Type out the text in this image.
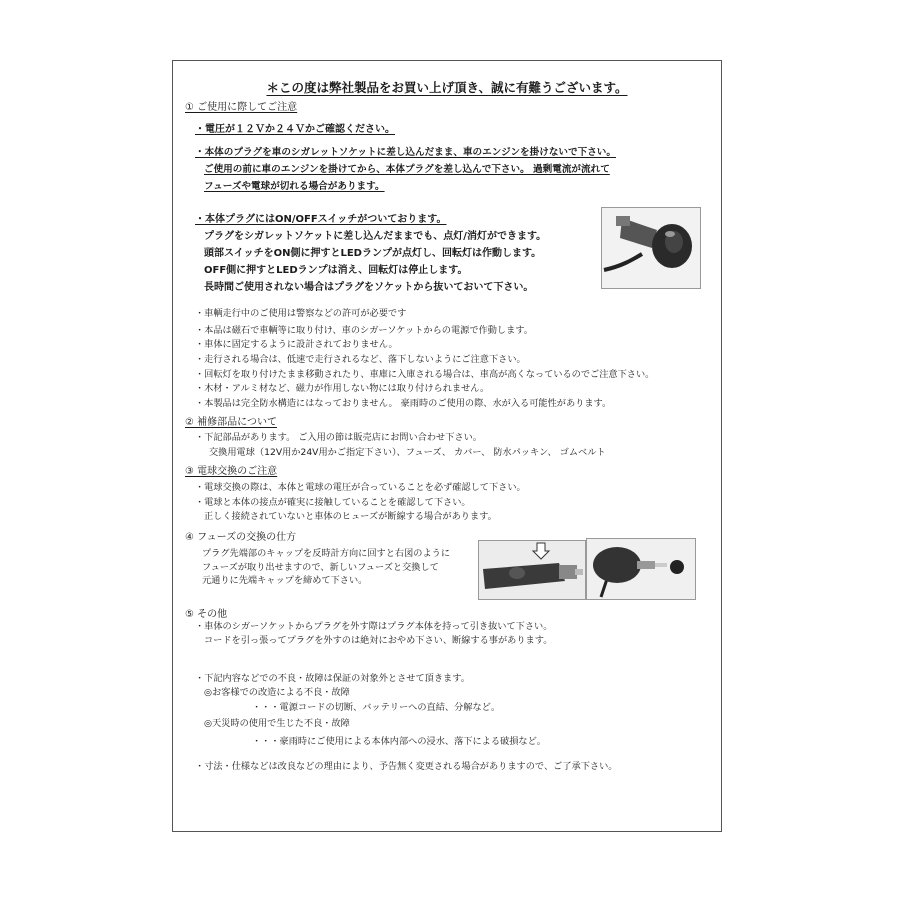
＊この度は弊社製品をお買い上げ頂き、誠に有難うございます。
① ご使用に際してご注意
・電圧が１２Ｖか２４Ｖかご確認ください。
・本体のプラグを車のシガレットソケットに差し込んだまま、車のエンジンを掛けないで下さい。
ご使用の前に車のエンジンを掛けてから、本体プラグを差し込んで下さい。 過剰電流が流れて
フューズや電球が切れる場合があります。
・本体プラグにはON/OFFスイッチがついております。
プラグをシガレットソケットに差し込んだままでも、点灯/消灯ができます。
頭部スイッチをON側に押すとLEDランプが点灯し、回転灯は作動します。
OFF側に押すとLEDランプは消え、回転灯は停止します。
長時間ご使用されない場合はプラグをソケットから抜いておいて下さい。
・車輌走行中のご使用は警察などの許可が必要です
・本品は磁石で車輌等に取り付け、車のシガーソケットからの電源で作動します。
・車体に固定するように設計されておりません。
・走行される場合は、低速で走行されるなど、落下しないようにご注意下さい。
・回転灯を取り付けたまま移動されたり、車庫に入庫される場合は、車高が高くなっているのでご注意下さい。
・木材・アルミ材など、磁力が作用しない物には取り付けられません。
・本製品は完全防水構造にはなっておりません。 豪雨時のご使用の際、水が入る可能性があります。
② 補修部品について
・下記部品があります。 ご入用の節は販売店にお問い合わせ下さい。
交換用電球（12V用か24V用かご指定下さい）、フューズ、 カバー、 防水パッキン、 ゴムベルト
③ 電球交換のご注意
・電球交換の際は、本体と電球の電圧が合っていることを必ず確認して下さい。
・電球と本体の接点が確実に接触していることを確認して下さい。
正しく接続されていないと車体のヒューズが断線する場合があります。
④ フューズの交換の仕方
プラグ先端部のキャップを反時計方向に回すと右図のように
フューズが取り出せますので、新しいフューズと交換して
元通りに先端キャップを締めて下さい。
⑤ その他
・車体のシガーソケットからプラグを外す際はプラグ本体を持って引き抜いて下さい。
コードを引っ張ってプラグを外すのは絶対におやめ下さい、断線する事があります。
・下記内容などでの不良・故障は保証の対象外とさせて頂きます。
◎お客様での改造による不良・故障
・・・電源コードの切断、バッテリーへの直結、分解など。
◎天災時の使用で生じた不良・故障
・・・豪雨時にご使用による本体内部への浸水、落下による破損など。
・寸法・仕様などは改良などの理由により、予告無く変更される場合がありますので、ご了承下さい。
